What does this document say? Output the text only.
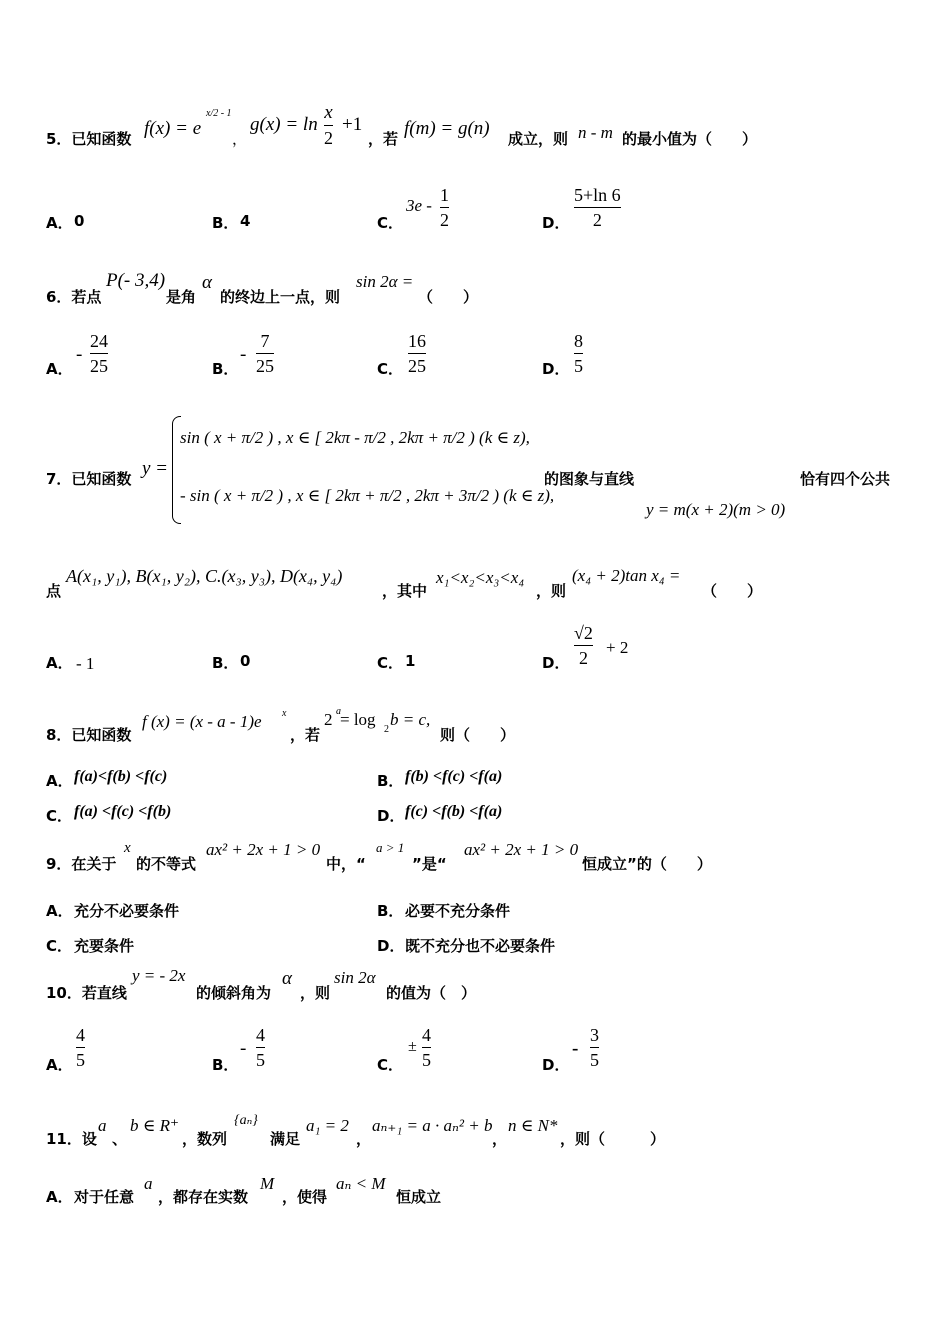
5．已知函数 f(x) = e
x/2 - 1
，
g(x) = ln
x
2
+1
，若 f(m) = g(n) 成立，则 n - m 的最小值为（　　）
A． 0	B． 4	C．
3e -
1
2	D．
5+ln 6
2
6．若点
P(- 3,4)
是角
α
的终边上一点，则
sin 2α =
（　　）
A．
-
24
25	B．
-
7
25	C．
16
25	D．
8
5
7．已知函数 y =
sin ( x + π/2 ) , x ∈ [ 2kπ - π/2 , 2kπ + π/2 ) (k ∈ z),
- sin ( x + π/2 ) , x ∈ [ 2kπ + π/2 , 2kπ + 3π/2 ) (k ∈ z),
的图象与直线
y = m(x + 2)(m > 0)
恰有四个公共
点
A(x₁, y₁), B(x₁, y₂), C.(x₃, y₃), D(x₄, y₄)
，其中
x₁<x₂<x₃<x₄
，则
(x₄ + 2)tan x₄ =
（　　）
A． - 1	B． 0	C． 1	D．
√2
2
+ 2
8．已知函数
f (x) = (x - a - 1)e x
，若
2 a = log
2
b = c,
则（　　）
A． f(a)<f(b) <f(c)	B． f(b) <f(c) <f(a)
C． f(a) <f(c) <f(b)	D． f(c) <f(b) <f(a)
9．在关于
x
的不等式
ax² + 2x + 1 > 0
中，“
a > 1
”是“
ax² + 2x + 1 > 0
恒成立”的（　　）
A． 充分不必要条件	B． 必要不充分条件
C． 充要条件	D． 既不充分也不必要条件
10．若直线
y = - 2x
的倾斜角为
α
，则
sin 2α
的值为（　）
A．
4
5	B．
-
4
5	C．
±
4
5	D．
-
3
5
11．设
a
、
b ∈ R⁺
，数列
{aₙ}
满足
a₁ = 2
，
aₙ₊₁ = a · aₙ² + b
，
n ∈ N*
，则（　　　）
A． 对于任意
a
，都存在实数
M
，使得
aₙ < M
恒成立
